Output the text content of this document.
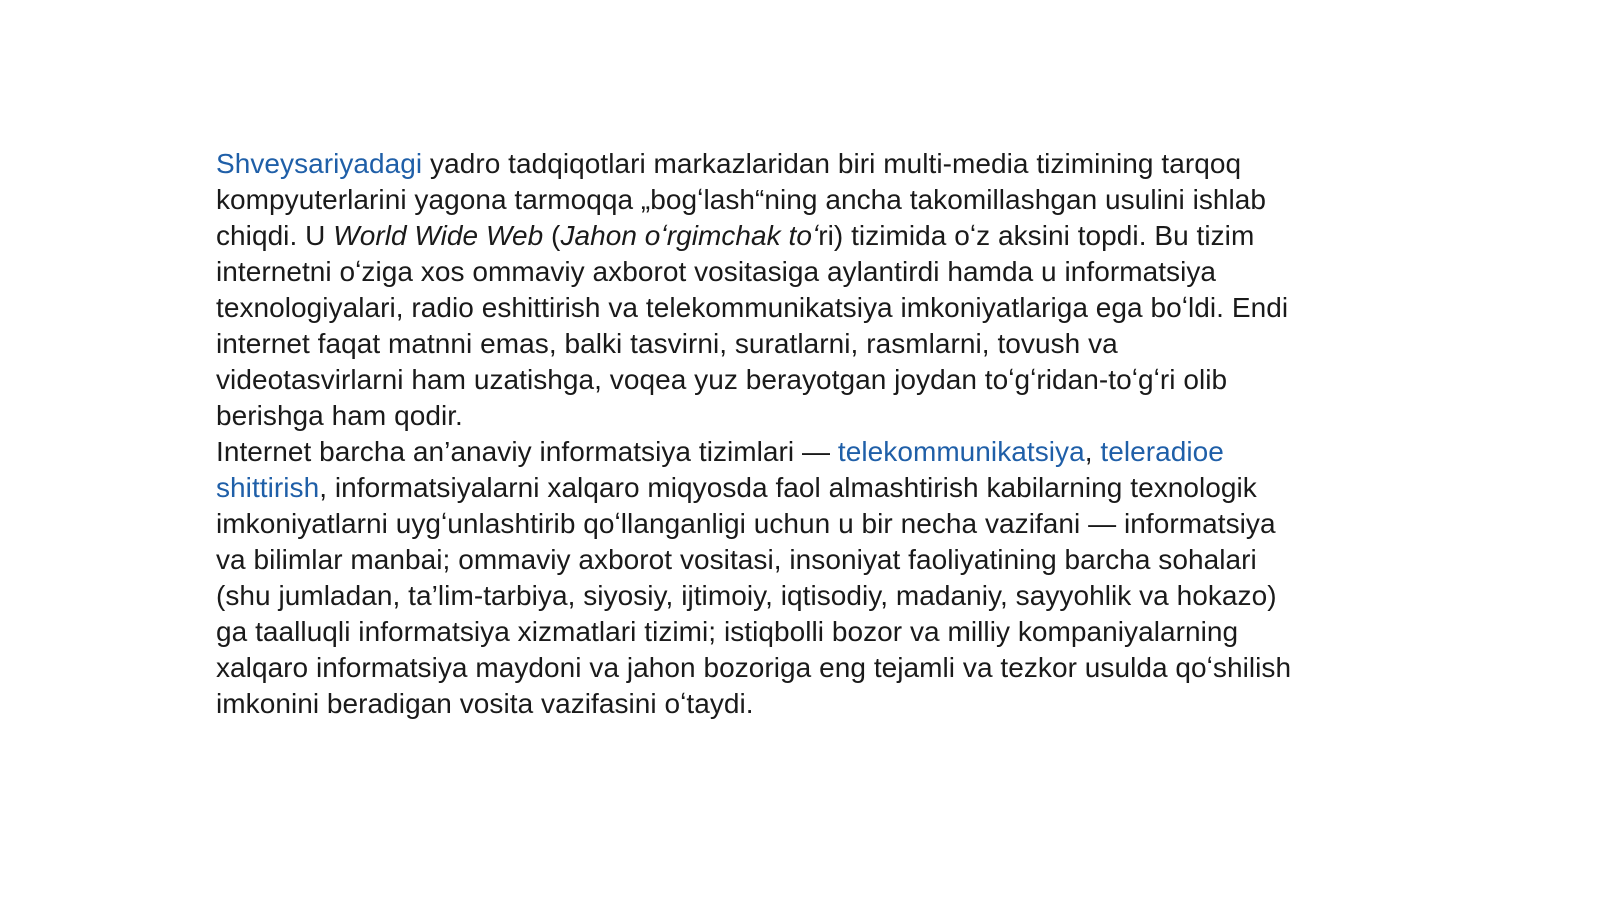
Shveysariyadagi yadro tadqiqotlari markazlaridan biri multi-media tizimining tarqoq kompyuterlarini yagona tarmoqqa „bogʻlash“ning ancha takomillashgan usulini ishlab chiqdi. U World Wide Web (Jahon oʻrgimchak toʻri) tizimida oʻz aksini topdi. Bu tizim internetni oʻziga xos ommaviy axborot vositasiga aylantirdi hamda u informatsiya texnologiyalari, radio eshittirish va telekommunikatsiya imkoniyatlariga ega boʻldi. Endi internet faqat matnni emas, balki tasvirni, suratlarni, rasmlarni, tovush va videotasvirlarni ham uzatishga, voqea yuz berayotgan joydan toʻgʻridan-toʻgʻri olib berishga ham qodir.

Internet barcha an’anaviy informatsiya tizimlari — telekommunikatsiya, teleradioe
shittirish, informatsiyalarni xalqaro miqyosda faol almashtirish kabilarning texnologik imkoniyatlarni uygʻunlashtirib qoʻllanganligi uchun u bir necha vazifani — informatsiya va bilimlar manbai; ommaviy axborot vositasi, insoniyat faoliyatining barcha sohalari (shu jumladan, ta’lim-tarbiya, siyosiy, ijtimoiy, iqtisodiy, madaniy, sayyohlik va hokazo) ga taalluqli informatsiya xizmatlari tizimi; istiqbolli bozor va milliy kompaniyalarning xalqaro informatsiya maydoni va jahon bozoriga eng tejamli va tezkor usulda qoʻshilish imkonini beradigan vosita vazifasini oʻtaydi.
